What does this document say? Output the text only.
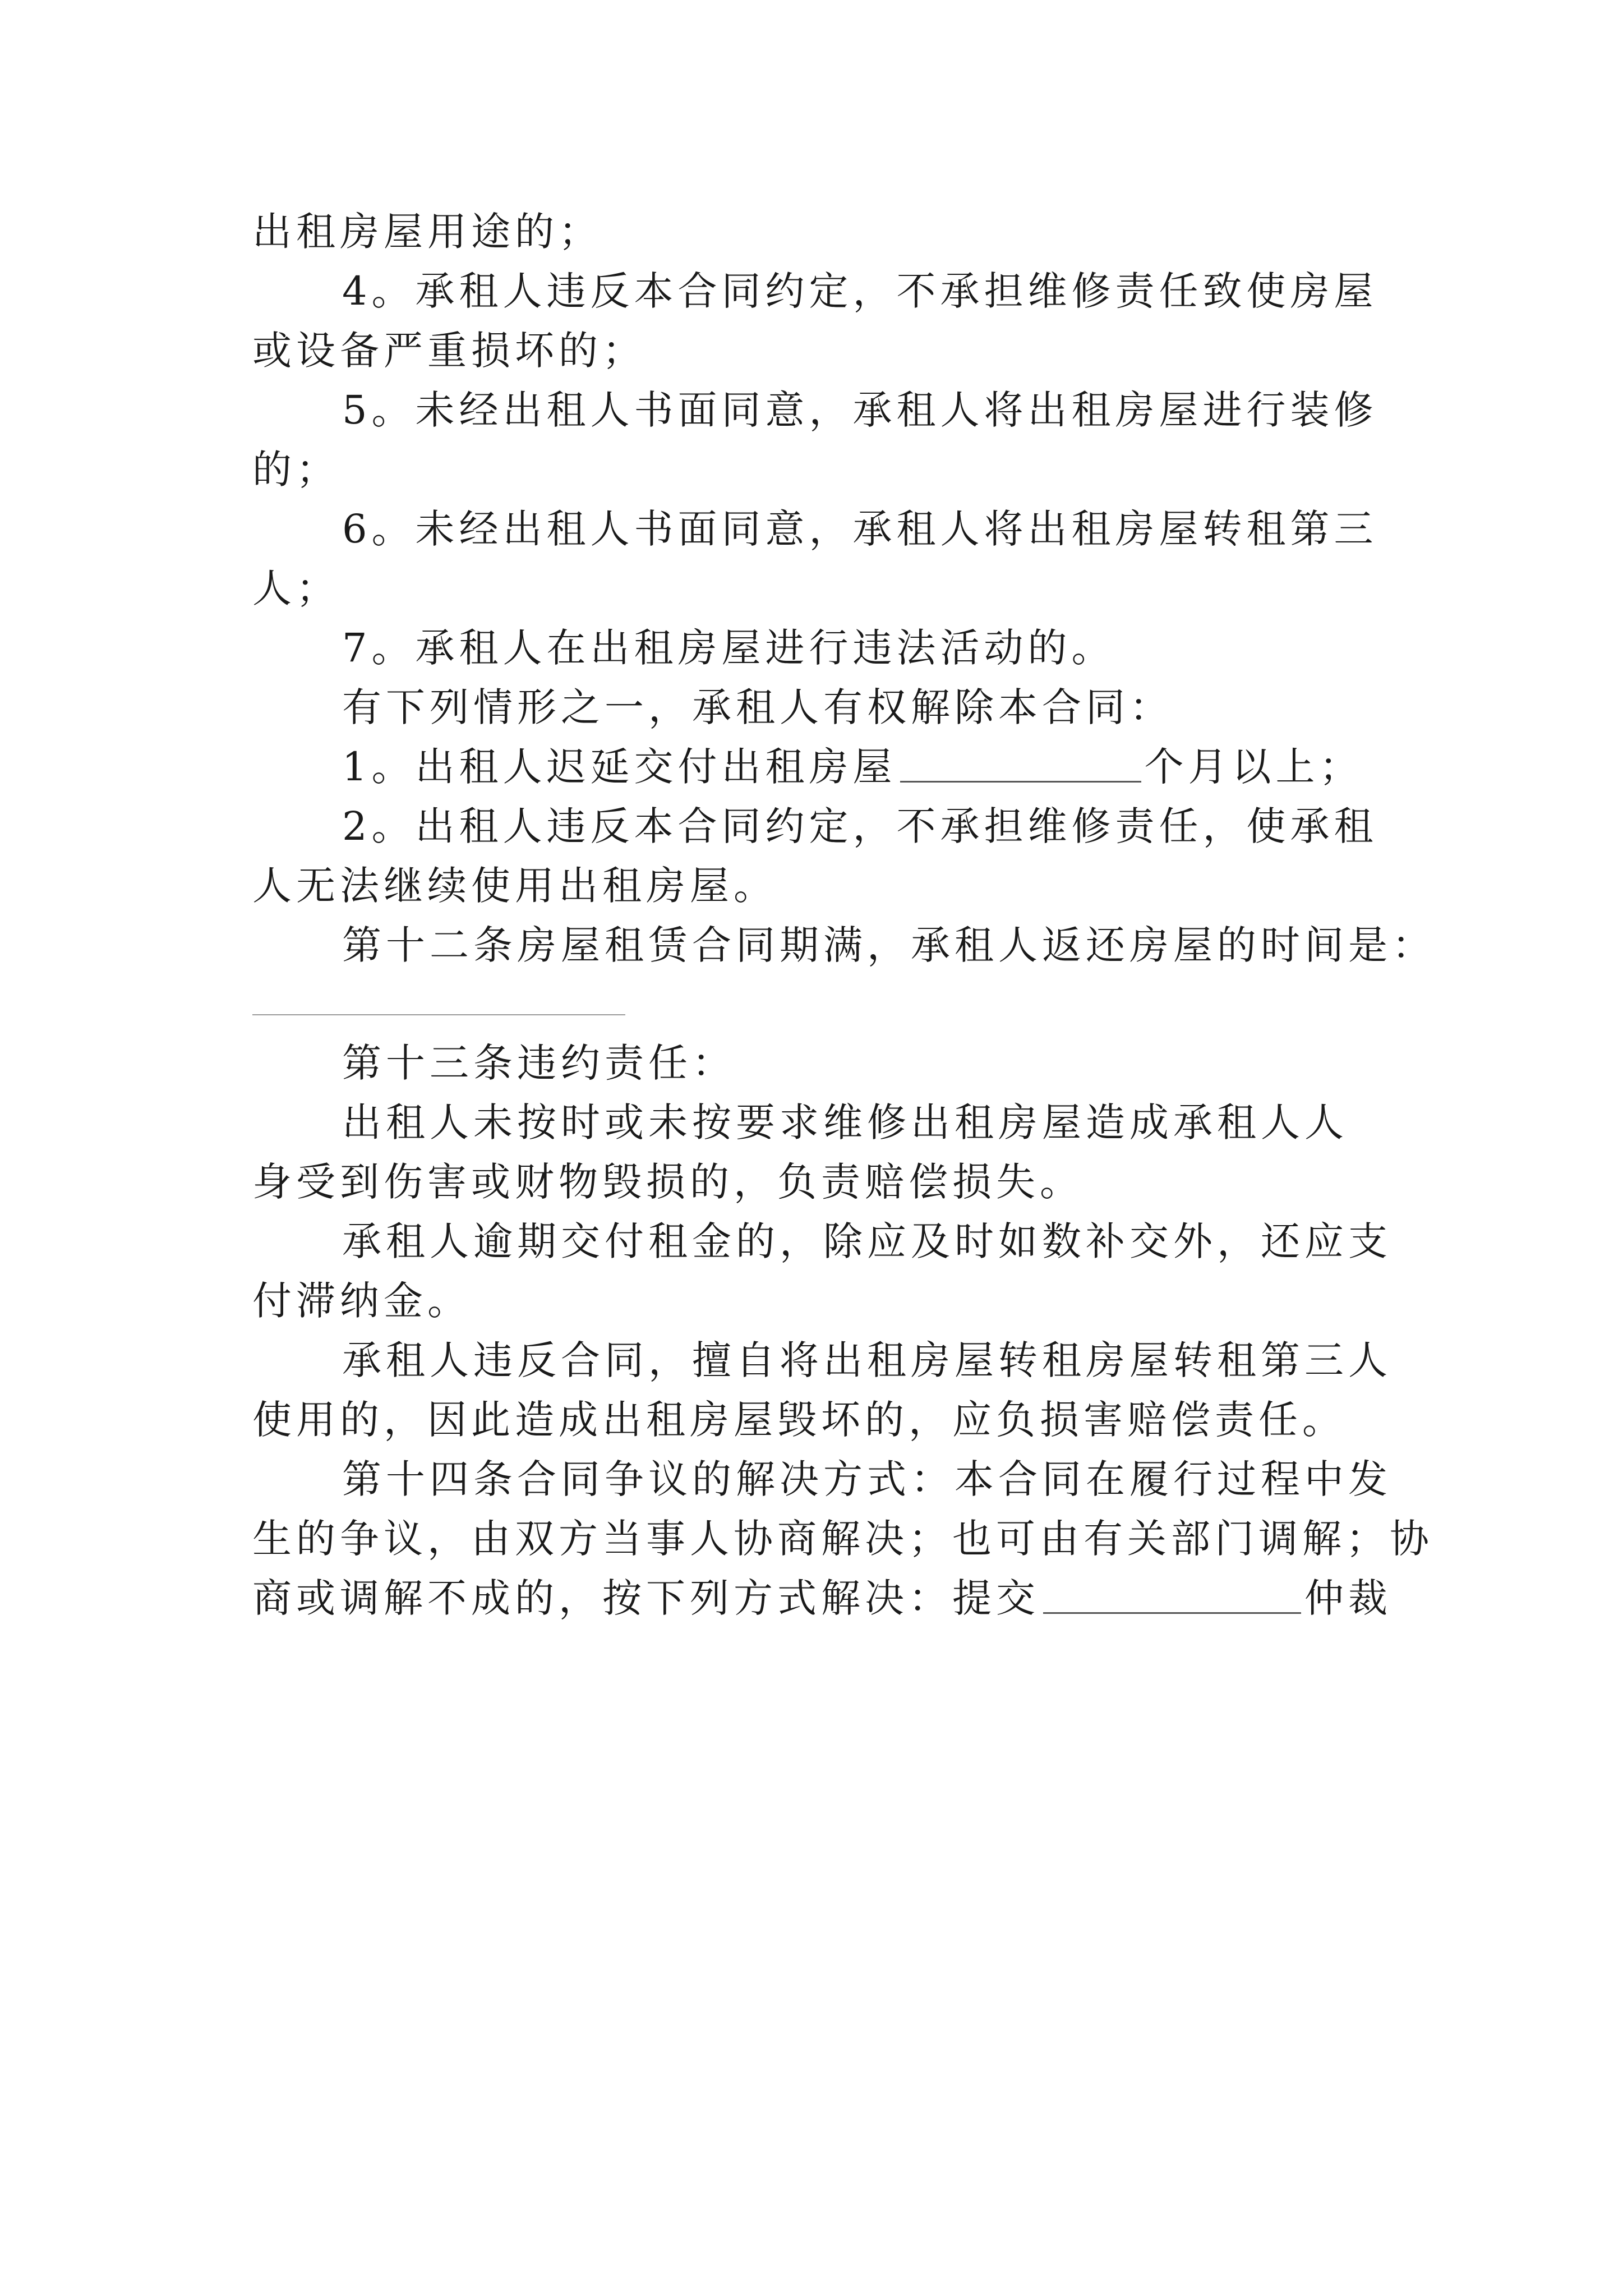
出租房屋用途的；
4。承租人违反本合同约定，不承担维修责任致使房屋
或设备严重损坏的；
5。未经出租人书面同意，承租人将出租房屋进行装修
的；
6。未经出租人书面同意，承租人将出租房屋转租第三
人；
7。承租人在出租房屋进行违法活动的。
有下列情形之一，承租人有权解除本合同：
1。出租人迟延交付出租房屋	个月以上；
2。出租人违反本合同约定，不承担维修责任，使承租
人无法继续使用出租房屋。
第十二条房屋租赁合同期满，承租人返还房屋的时间是：
第十三条违约责任：
出租人未按时或未按要求维修出租房屋造成承租人人
身受到伤害或财物毁损的，负责赔偿损失。
承租人逾期交付租金的，除应及时如数补交外，还应支
付滞纳金。
承租人违反合同，擅自将出租房屋转租房屋转租第三人
使用的，因此造成出租房屋毁坏的，应负损害赔偿责任。
第十四条合同争议的解决方式：本合同在履行过程中发
生的争议，由双方当事人协商解决；也可由有关部门调解；协
商或调解不成的，按下列方式解决：提交	仲裁
